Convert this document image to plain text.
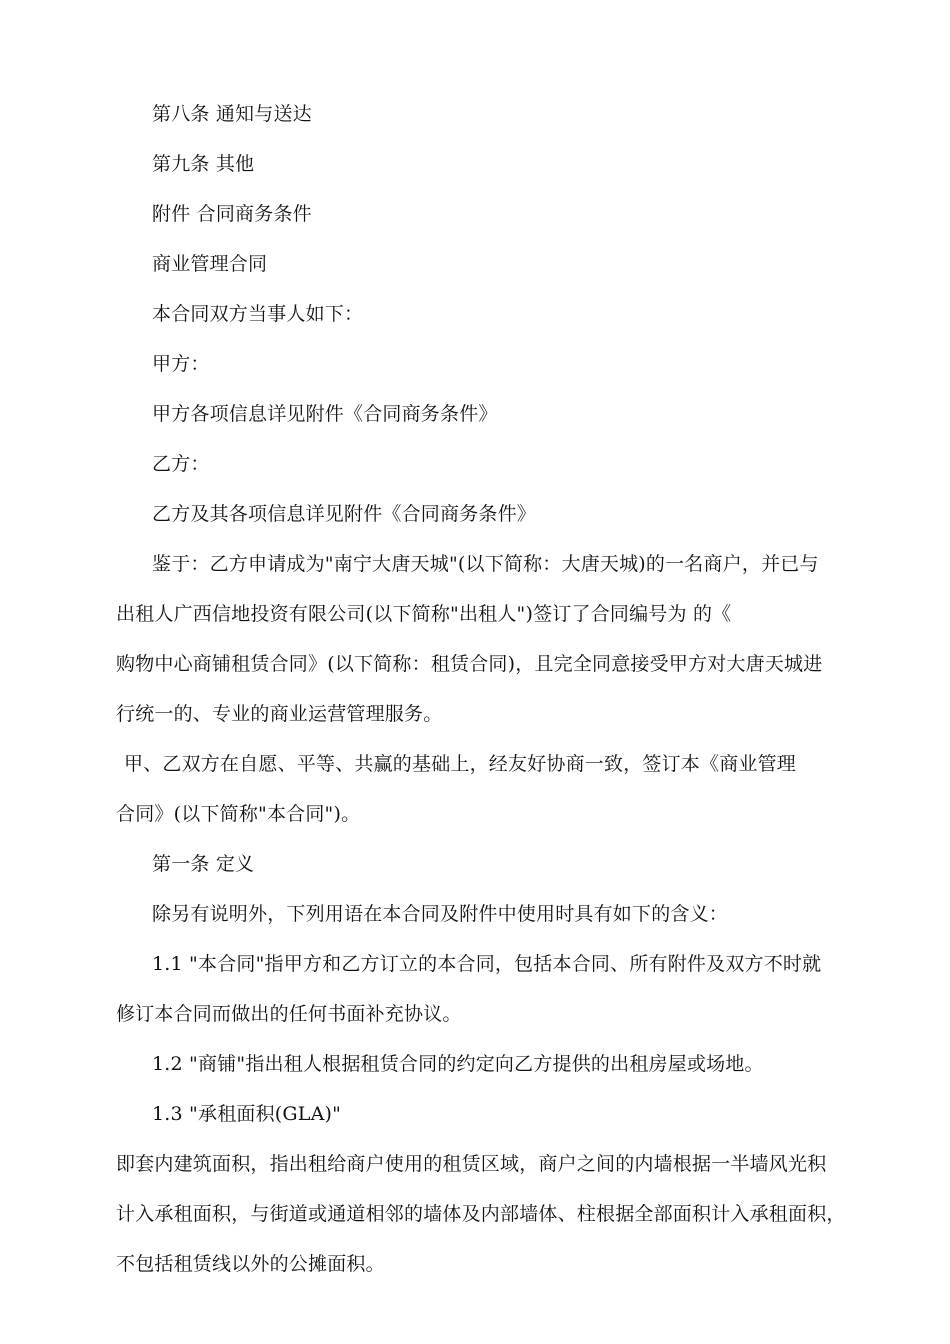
第八条 通知与送达
第九条 其他
附件 合同商务条件
商业管理合同
本合同双方当事人如下：
甲方：
甲方各项信息详见附件《合同商务条件》
乙方：
乙方及其各项信息详见附件《合同商务条件》
鉴于：乙方申请成为"南宁大唐天城"(以下简称：大唐天城)的一名商户，并已与
出租人广西信地投资有限公司(以下简称"出租人")签订了合同编号为 的《
购物中心商铺租赁合同》(以下简称：租赁合同)，且完全同意接受甲方对大唐天城进
行统一的、专业的商业运营管理服务。
甲、乙双方在自愿、平等、共赢的基础上，经友好协商一致，签订本《商业管理
合同》(以下简称"本合同")。
第一条 定义
除另有说明外，下列用语在本合同及附件中使用时具有如下的含义：
1.1 "本合同"指甲方和乙方订立的本合同，包括本合同、所有附件及双方不时就
修订本合同而做出的任何书面补充协议。
1.2 "商铺"指出租人根据租赁合同的约定向乙方提供的出租房屋或场地。
1.3 "承租面积(GLA)"
即套内建筑面积，指出租给商户使用的租赁区域，商户之间的内墙根据一半墙风光积
计入承租面积，与街道或通道相邻的墙体及内部墙体、柱根据全部面积计入承租面积，
不包括租赁线以外的公摊面积。
